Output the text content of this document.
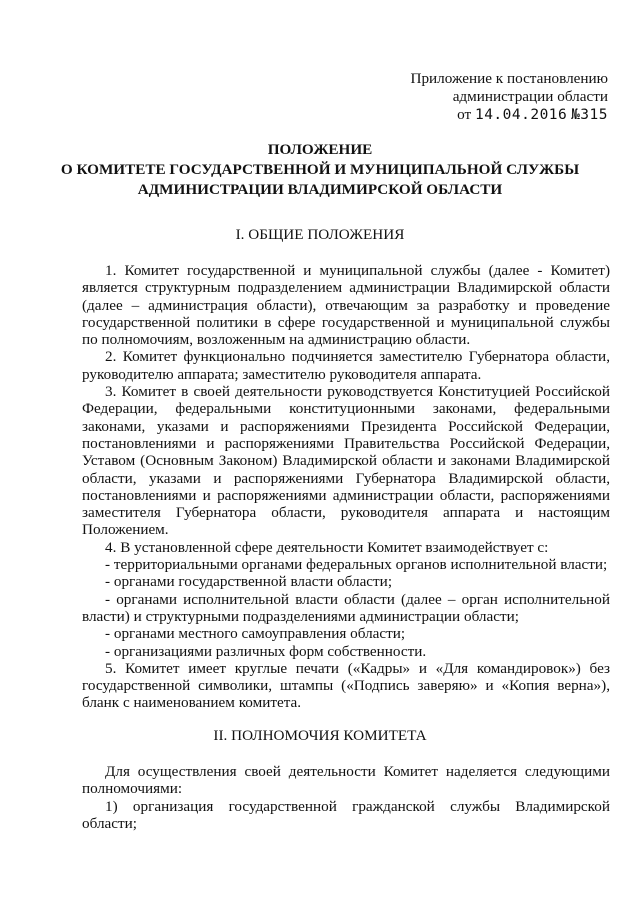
Приложение к постановлению
администрации области
от 14.04.2016 №315
ПОЛОЖЕНИЕ
О КОМИТЕТЕ ГОСУДАРСТВЕННОЙ И МУНИЦИПАЛЬНОЙ СЛУЖБЫ
АДМИНИСТРАЦИИ ВЛАДИМИРСКОЙ ОБЛАСТИ
I. ОБЩИЕ ПОЛОЖЕНИЯ

1. Комитет государственной и муниципальной службы (далее - Комитет) является структурным подразделением администрации Владимирской области (далее – администрация области), отвечающим за разработку и проведение государственной политики в сфере государственной и муниципальной службы по полномочиям, возложенным на администрацию области.

2. Комитет функционально подчиняется заместителю Губернатора области, руководителю аппарата; заместителю руководителя аппарата.

3. Комитет в своей деятельности руководствуется Конституцией Российской Федерации, федеральными конституционными законами, федеральными законами, указами и распоряжениями Президента Российской Федерации, постановлениями и распоряжениями Правительства Российской Федерации, Уставом (Основным Законом) Владимирской области и законами Владимирской области, указами и распоряжениями Губернатора Владимирской области, постановлениями и распоряжениями администрации области, распоряжениями заместителя Губернатора области, руководителя аппарата и настоящим Положением.

4. В установленной сфере деятельности Комитет взаимодействует с:

- территориальными органами федеральных органов исполнительной власти;

- органами государственной власти области;

- органами исполнительной власти области (далее – орган исполнительной власти) и структурными подразделениями администрации области;

- органами местного самоуправления области;

- организациями различных форм собственности.

5. Комитет имеет круглые печати («Кадры» и «Для командировок») без государственной символики, штампы («Подпись заверяю» и «Копия верна»), бланк с наименованием комитета.

II. ПОЛНОМОЧИЯ КОМИТЕТА

Для осуществления своей деятельности Комитет наделяется следующими полномочиями:

1) организация государственной гражданской службы Владимирской области;
